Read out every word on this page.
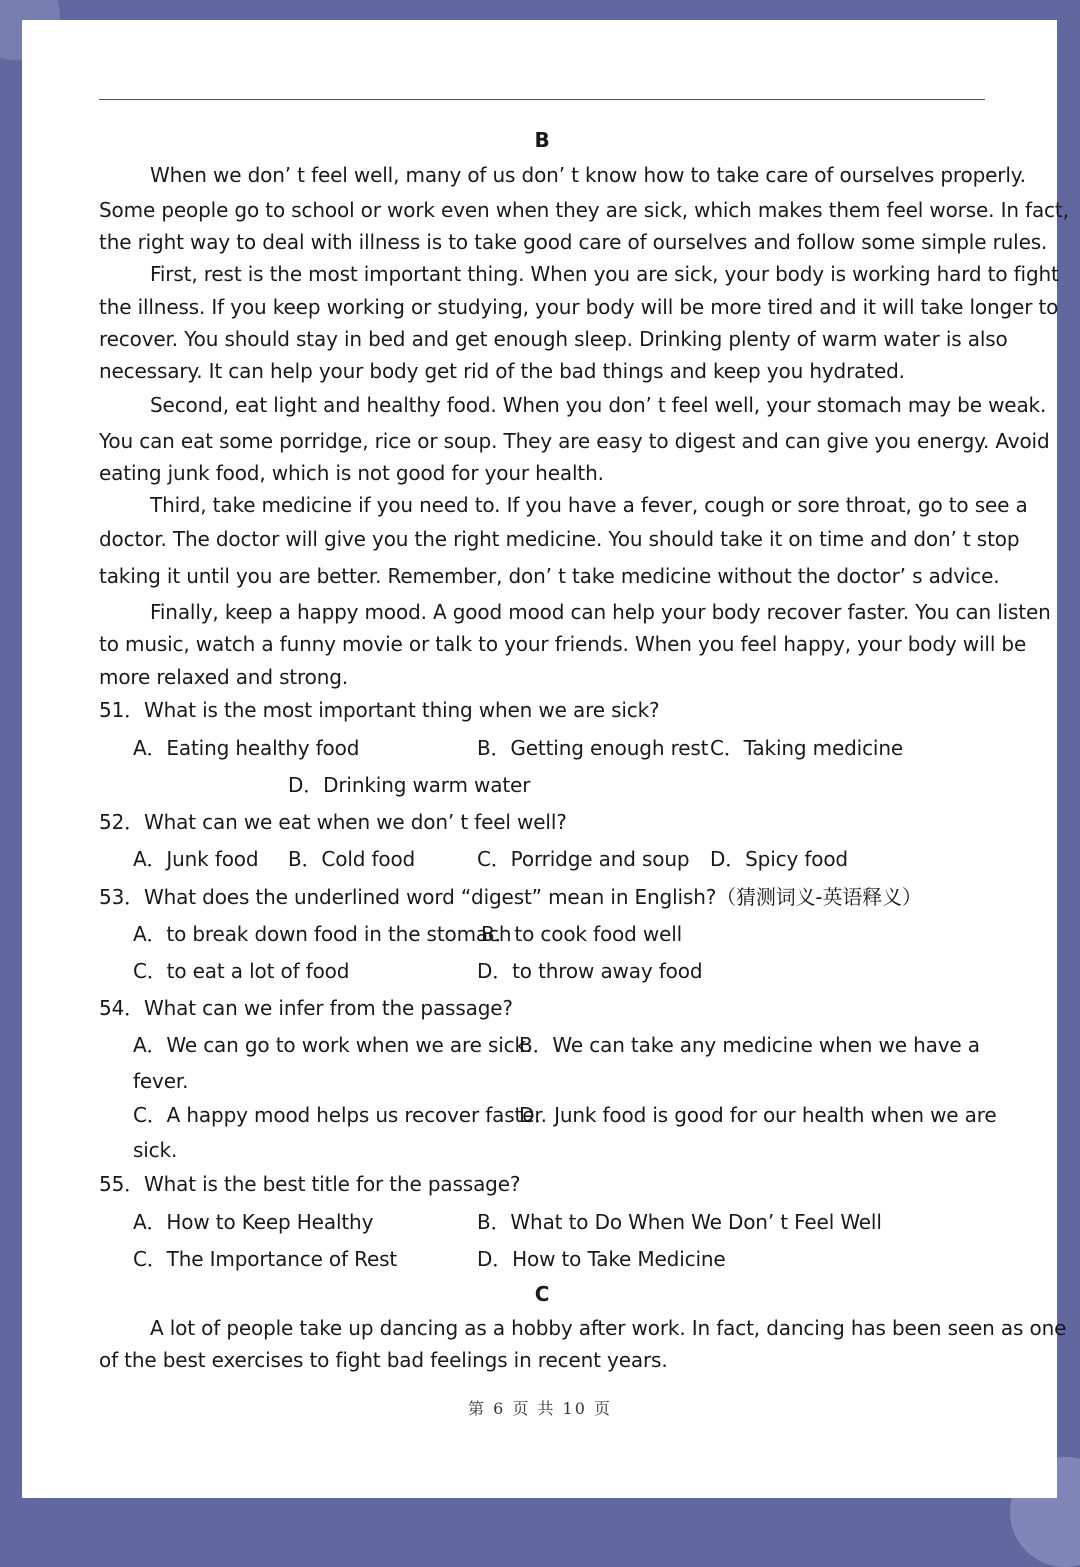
B
When we don’ t feel well, many of us don’ t know how to take care of ourselves properly.
Some people go to school or work even when they are sick, which makes them feel worse. In fact,
the right way to deal with illness is to take good care of ourselves and follow some simple rules.
First, rest is the most important thing. When you are sick, your body is working hard to fight
the illness. If you keep working or studying, your body will be more tired and it will take longer to
recover. You should stay in bed and get enough sleep. Drinking plenty of warm water is also
necessary. It can help your body get rid of the bad things and keep you hydrated.
Second, eat light and healthy food. When you don’ t feel well, your stomach may be weak.
You can eat some porridge, rice or soup. They are easy to digest and can give you energy. Avoid
eating junk food, which is not good for your health.
Third, take medicine if you need to. If you have a fever, cough or sore throat, go to see a
doctor. The doctor will give you the right medicine. You should take it on time and don’ t stop
taking it until you are better. Remember, don’ t take medicine without the doctor’ s advice.
Finally, keep a happy mood. A good mood can help your body recover faster. You can listen
to music, watch a funny movie or talk to your friends. When you feel happy, your body will be
more relaxed and strong.
51．What is the most important thing when we are sick?
A．Eating healthy food	B．Getting enough rest C．Taking medicine
D．Drinking warm water
52．What can we eat when we don’ t feel well?
A．Junk food B．Cold food	C．Porridge and soup D．Spicy food
53．What does the underlined word “digest” mean in English?（猜测词义-英语释义）
A．to break down food in the stomach
B．to cook food well
C．to eat a lot of food	D．to throw away food
54．What can we infer from the passage?
A．We can go to work when we are sick.
B．We can take any medicine when we have a
fever.
C．A happy mood helps us recover faster.
D．Junk food is good for our health when we are
sick.
55．What is the best title for the passage?
A．How to Keep Healthy	B．What to Do When We Don’ t Feel Well
C．The Importance of Rest	D．How to Take Medicine
C
A lot of people take up dancing as a hobby after work. In fact, dancing has been seen as one
of the best exercises to fight bad feelings in recent years.
第 6 页 共 10 页
